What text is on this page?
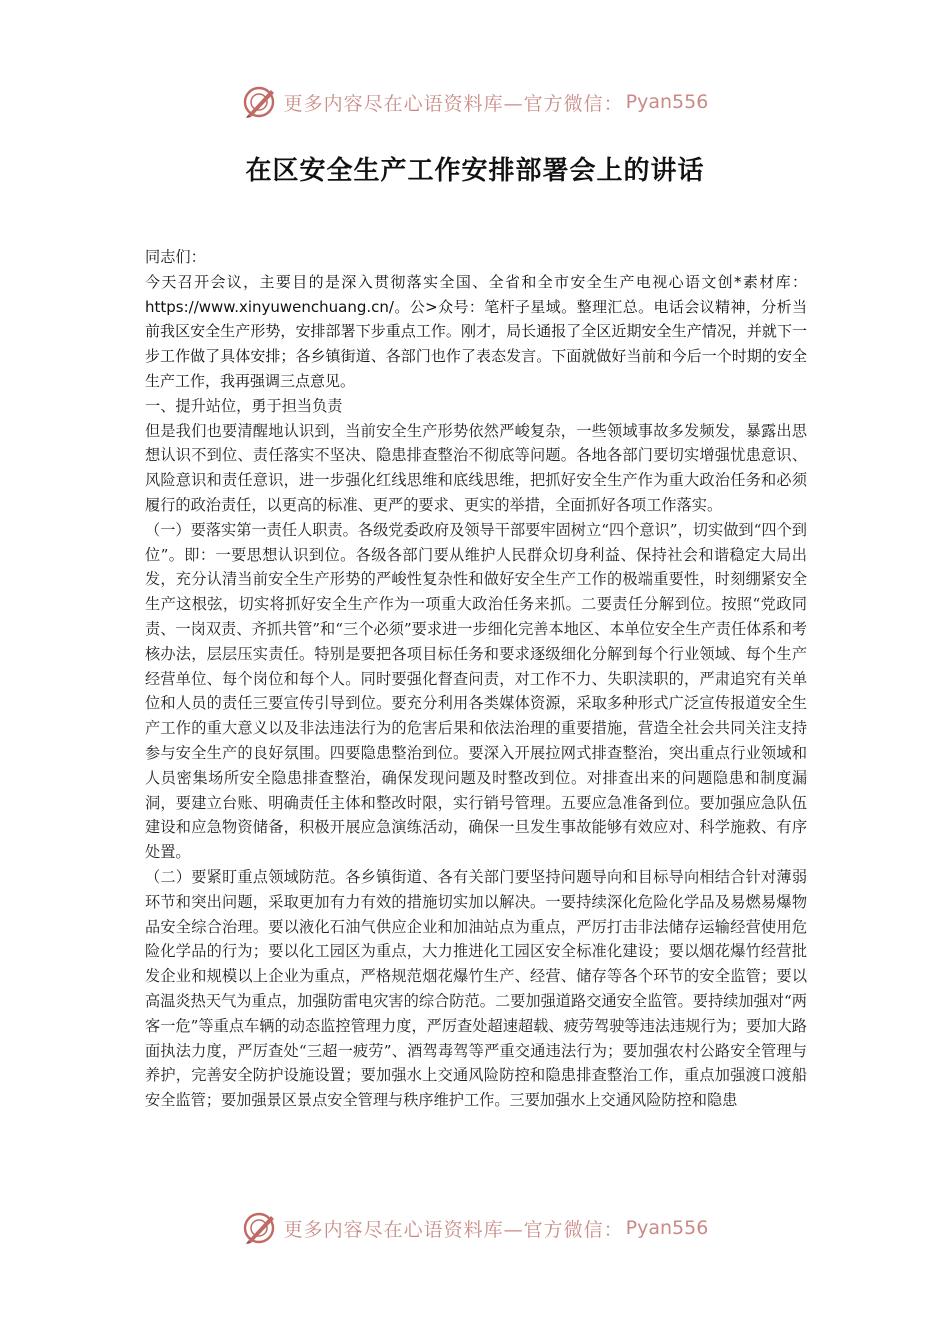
更多内容尽在心语资料库—官方微信： Pyan556
在区安全生产工作安排部署会上的讲话

同志们：

今天召开会议，主要目的是深入贯彻落实全国、全省和全市安全生产电视心语文创*素材库：https://www.xinyuwenchuang.cn/。公>众号：笔杆子星域。整理汇总。电话会议精神，分析当前我区安全生产形势，安排部署下步重点工作。刚才，局长通报了全区近期安全生产情况，并就下一步工作做了具体安排；各乡镇街道、各部门也作了表态发言。下面就做好当前和今后一个时期的安全生产工作，我再强调三点意见。

一、提升站位，勇于担当负责

但是我们也要清醒地认识到，当前安全生产形势依然严峻复杂，一些领域事故多发频发，暴露出思想认识不到位、责任落实不坚决、隐患排查整治不彻底等问题。各地各部门要切实增强忧患意识、风险意识和责任意识，进一步强化红线思维和底线思维，把抓好安全生产作为重大政治任务和必须履行的政治责任，以更高的标准、更严的要求、更实的举措，全面抓好各项工作落实。

（一）要落实第一责任人职责。各级党委政府及领导干部要牢固树立“四个意识”，切实做到“四个到位”。即：一要思想认识到位。各级各部门要从维护人民群众切身利益、保持社会和谐稳定大局出发，充分认清当前安全生产形势的严峻性复杂性和做好安全生产工作的极端重要性，时刻绷紧安全生产这根弦，切实将抓好安全生产作为一项重大政治任务来抓。二要责任分解到位。按照“党政同责、一岗双责、齐抓共管”和“三个必须”要求进一步细化完善本地区、本单位安全生产责任体系和考核办法，层层压实责任。特别是要把各项目标任务和要求逐级细化分解到每个行业领域、每个生产经营单位、每个岗位和每个人。同时要强化督查问责，对工作不力、失职渎职的，严肃追究有关单位和人员的责任三要宣传引导到位。要充分利用各类媒体资源，采取多种形式广泛宣传报道安全生产工作的重大意义以及非法违法行为的危害后果和依法治理的重要措施，营造全社会共同关注支持参与安全生产的良好氛围。四要隐患整治到位。要深入开展拉网式排查整治，突出重点行业领域和人员密集场所安全隐患排查整治，确保发现问题及时整改到位。对排查出来的问题隐患和制度漏洞，要建立台账、明确责任主体和整改时限，实行销号管理。五要应急准备到位。要加强应急队伍建设和应急物资储备，积极开展应急演练活动，确保一旦发生事故能够有效应对、科学施救、有序处置。

（二）要紧盯重点领域防范。各乡镇街道、各有关部门要坚持问题导向和目标导向相结合针对薄弱环节和突出问题，采取更加有力有效的措施切实加以解决。一要持续深化危险化学品及易燃易爆物品安全综合治理。要以液化石油气供应企业和加油站点为重点，严厉打击非法储存运输经营使用危险化学品的行为；要以化工园区为重点，大力推进化工园区安全标准化建设；要以烟花爆竹经营批发企业和规模以上企业为重点，严格规范烟花爆竹生产、经营、储存等各个环节的安全监管；要以高温炎热天气为重点，加强防雷电灾害的综合防范。二要加强道路交通安全监管。要持续加强对“两客一危”等重点车辆的动态监控管理力度，严厉查处超速超载、疲劳驾驶等违法违规行为；要加大路面执法力度，严厉查处“三超一疲劳”、酒驾毒驾等严重交通违法行为；要加强农村公路安全管理与养护，完善安全防护设施设置；要加强水上交通风险防控和隐患排查整治工作，重点加强渡口渡船安全监管；要加强景区景点安全管理与秩序维护工作。三要加强水上交通风险防控和隐患

更多内容尽在心语资料库—官方微信： Pyan556
